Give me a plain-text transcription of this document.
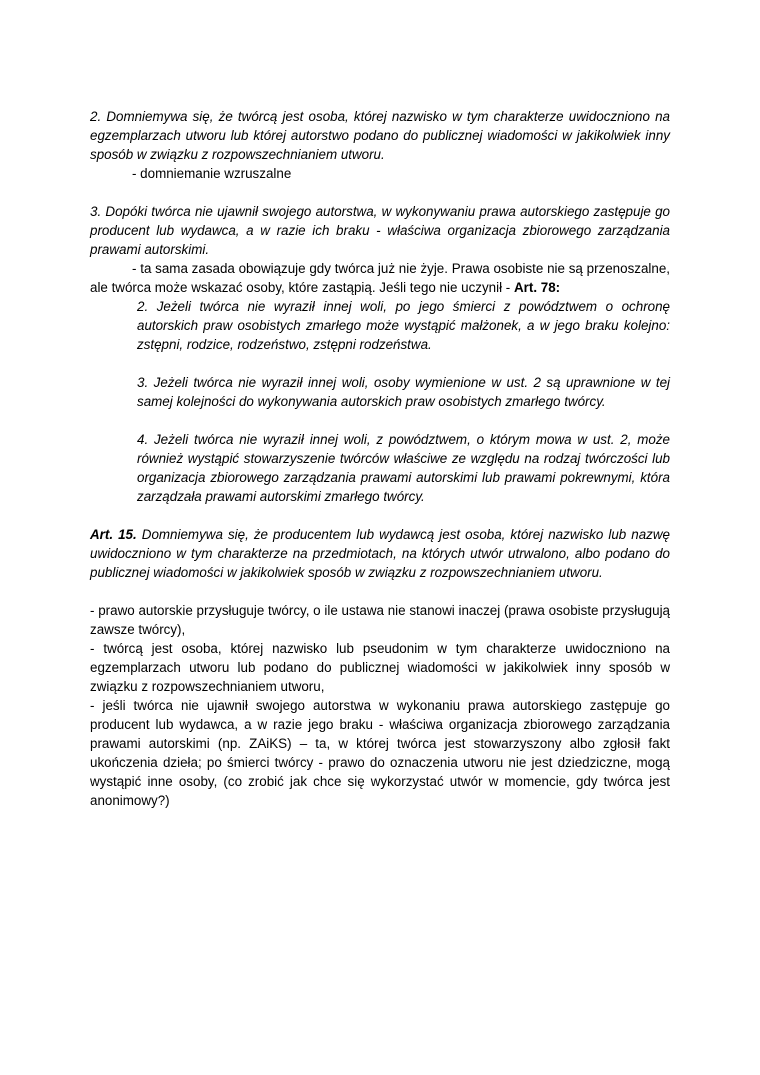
2. Domniemywa się, że twórcą jest osoba, której nazwisko w tym charakterze uwidoczniono na egzemplarzach utworu lub której autorstwo podano do publicznej wiadomości w jakikolwiek inny sposób w związku z rozpowszechnianiem utworu.

- domniemanie wzruszalne

3. Dopóki twórca nie ujawnił swojego autorstwa, w wykonywaniu prawa autorskiego zastępuje go producent lub wydawca, a w razie ich braku - właściwa organizacja zbiorowego zarządzania prawami autorskimi.

- ta sama zasada obowiązuje gdy twórca już nie żyje. Prawa osobiste nie są przenoszalne, ale twórca może wskazać osoby, które zastąpią. Jeśli tego nie uczynił - Art. 78:

2. Jeżeli twórca nie wyraził innej woli, po jego śmierci z powództwem o ochronę autorskich praw osobistych zmarłego może wystąpić małżonek, a w jego braku kolejno: zstępni, rodzice, rodzeństwo, zstępni rodzeństwa.

3. Jeżeli twórca nie wyraził innej woli, osoby wymienione w ust. 2 są uprawnione w tej samej kolejności do wykonywania autorskich praw osobistych zmarłego twórcy.

4. Jeżeli twórca nie wyraził innej woli, z powództwem, o którym mowa w ust. 2, może również wystąpić stowarzyszenie twórców właściwe ze względu na rodzaj twórczości lub organizacja zbiorowego zarządzania prawami autorskimi lub prawami pokrewnymi, która zarządzała prawami autorskimi zmarłego twórcy.

Art. 15. Domniemywa się, że producentem lub wydawcą jest osoba, której nazwisko lub nazwę uwidoczniono w tym charakterze na przedmiotach, na których utwór utrwalono, albo podano do publicznej wiadomości w jakikolwiek sposób w związku z rozpowszechnianiem utworu.

- prawo autorskie przysługuje twórcy, o ile ustawa nie stanowi inaczej (prawa osobiste przysługują zawsze twórcy),

- twórcą jest osoba, której nazwisko lub pseudonim w tym charakterze uwidoczniono na egzemplarzach utworu lub podano do publicznej wiadomości w jakikolwiek inny sposób w związku z rozpowszechnianiem utworu,

- jeśli twórca nie ujawnił swojego autorstwa w wykonaniu prawa autorskiego zastępuje go producent lub wydawca, a w razie jego braku - właściwa organizacja zbiorowego zarządzania prawami autorskimi (np. ZAiKS) – ta, w której twórca jest stowarzyszony albo zgłosił fakt ukończenia dzieła; po śmierci twórcy - prawo do oznaczenia utworu nie jest dziedziczne, mogą wystąpić inne osoby, (co zrobić jak chce się wykorzystać utwór w momencie, gdy twórca jest anonimowy?)
